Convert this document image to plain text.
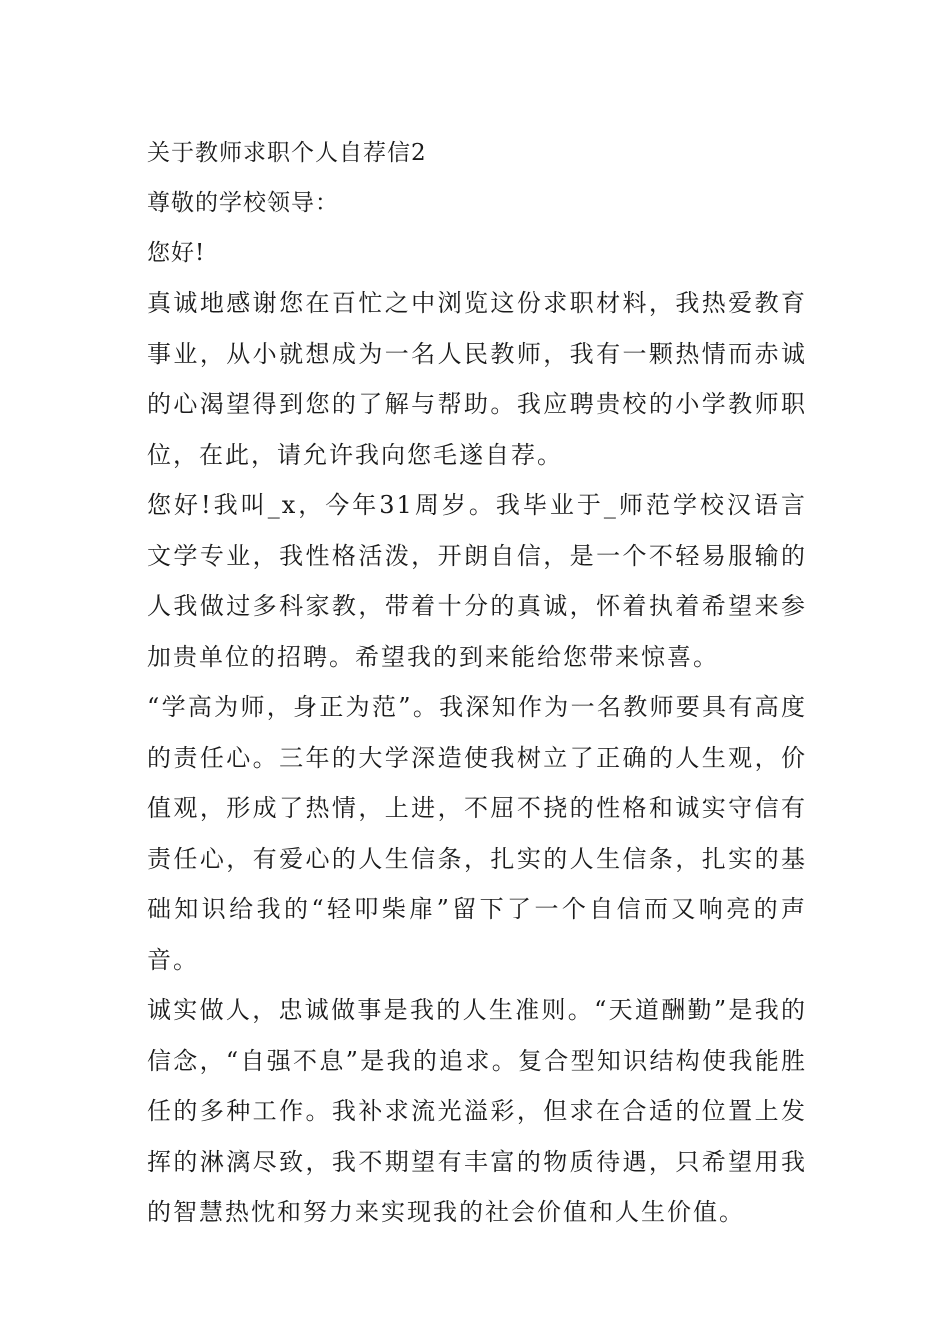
关于教师求职个人自荐信2

尊敬的学校领导：

您好!

真诚地感谢您在百忙之中浏览这份求职材料，我热爱教育事业，从小就想成为一名人民教师，我有一颗热情而赤诚的心渴望得到您的了解与帮助。我应聘贵校的小学教师职位，在此，请允许我向您毛遂自荐。

您好!我叫_x，今年31周岁。我毕业于_师范学校汉语言文学专业，我性格活泼，开朗自信，是一个不轻易服输的人我做过多科家教，带着十分的真诚，怀着执着希望来参加贵单位的招聘。希望我的到来能给您带来惊喜。

“学高为师，身正为范”。我深知作为一名教师要具有高度的责任心。三年的大学深造使我树立了正确的人生观，价值观，形成了热情，上进，不屈不挠的性格和诚实守信有责任心，有爱心的人生信条，扎实的人生信条，扎实的基础知识给我的“轻叩柴扉”留下了一个自信而又响亮的声音。

诚实做人，忠诚做事是我的人生准则。“天道酬勤”是我的信念，“自强不息”是我的追求。复合型知识结构使我能胜任的多种工作。我补求流光溢彩，但求在合适的位置上发挥的淋漓尽致，我不期望有丰富的物质待遇，只希望用我的智慧热忱和努力来实现我的社会价值和人生价值。
